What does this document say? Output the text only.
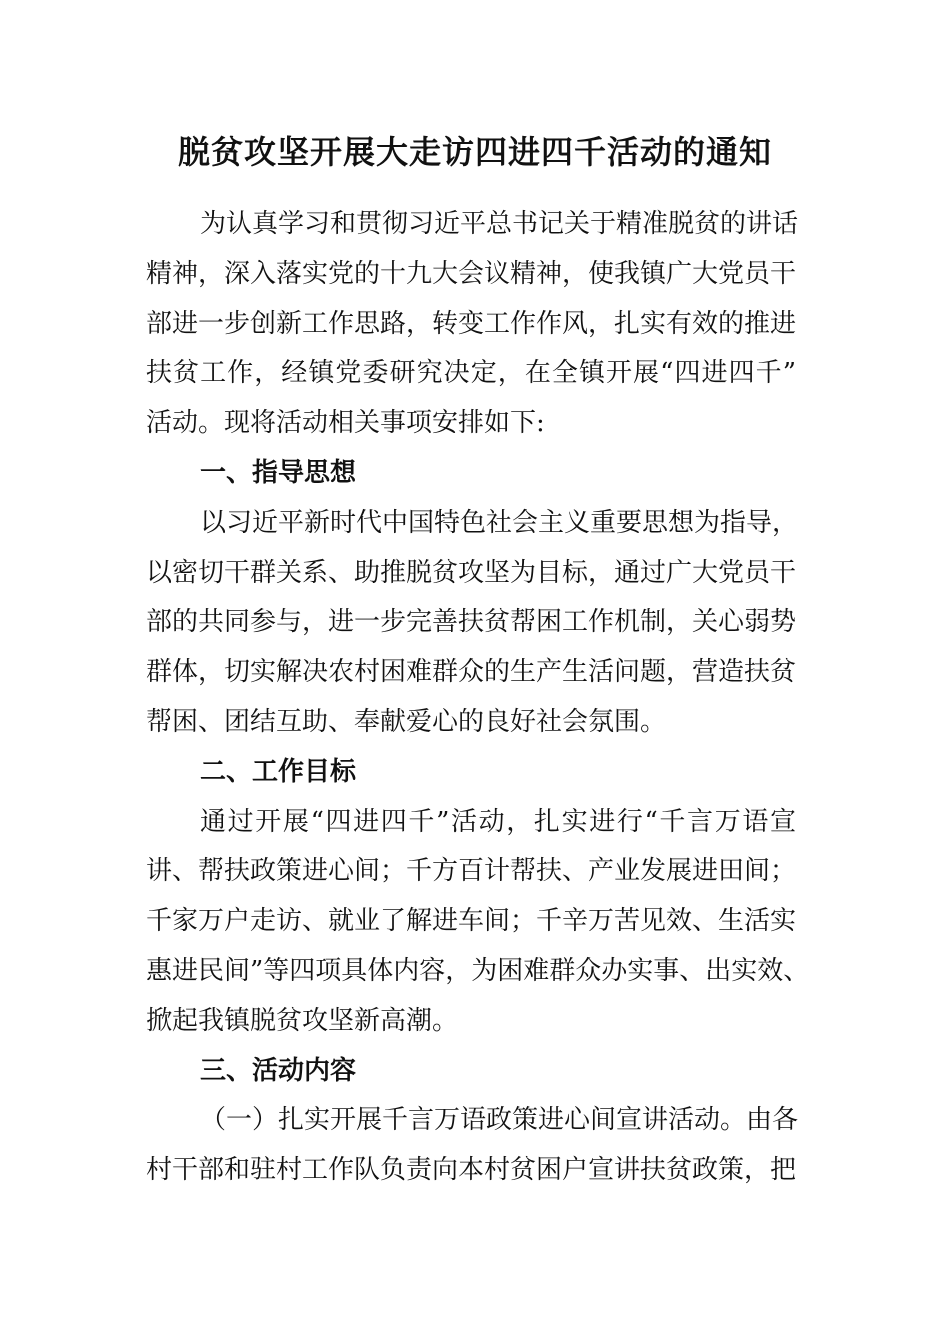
脱贫攻坚开展大走访四进四千活动的通知
为认真学习和贯彻习近平总书记关于精准脱贫的讲话
精神，深入落实党的十九大会议精神，使我镇广大党员干
部进一步创新工作思路，转变工作作风，扎实有效的推进
扶贫工作，经镇党委研究决定，在全镇开展“四进四千”
活动。现将活动相关事项安排如下:
一、指导思想
以习近平新时代中国特色社会主义重要思想为指导，
以密切干群关系、助推脱贫攻坚为目标，通过广大党员干
部的共同参与，进一步完善扶贫帮困工作机制，关心弱势
群体，切实解决农村困难群众的生产生活问题，营造扶贫
帮困、团结互助、奉献爱心的良好社会氛围。
二、工作目标
通过开展“四进四千”活动，扎实进行“千言万语宣
讲、帮扶政策进心间；千方百计帮扶、产业发展进田间；
千家万户走访、就业了解进车间；千辛万苦见效、生活实
惠进民间”等四项具体内容，为困难群众办实事、出实效、
掀起我镇脱贫攻坚新高潮。
三、活动内容
（一）扎实开展千言万语政策进心间宣讲活动。由各
村干部和驻村工作队负责向本村贫困户宣讲扶贫政策，把
